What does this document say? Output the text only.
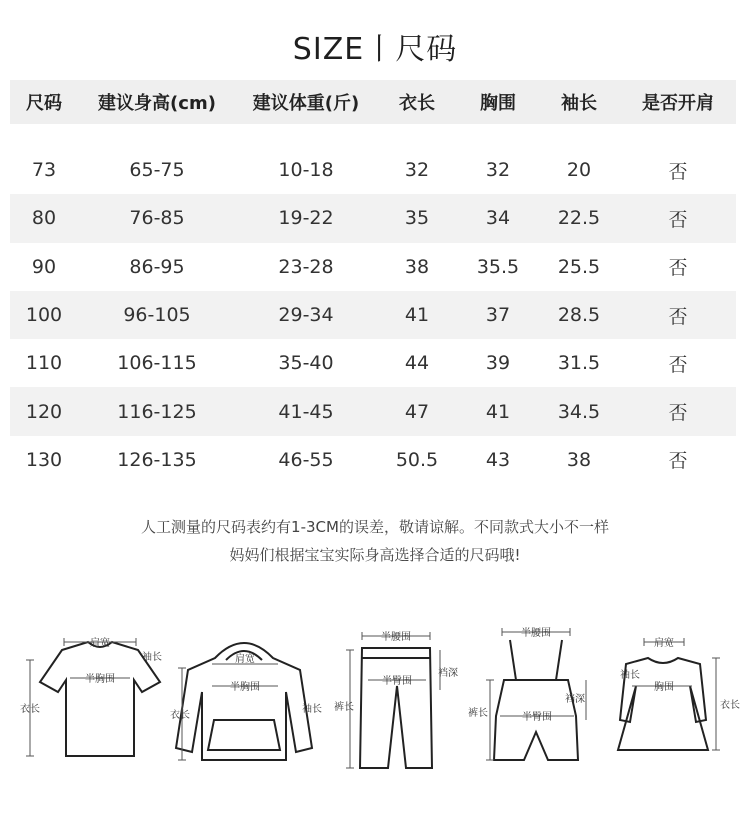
SIZE丨尺码
尺码	建议身高(cm)	建议体重(斤)	衣长	胸围	袖长	是否开肩
73	65-75	10-18	32	32	20	否
80	76-85	19-22	35	34	22.5	否
90	86-95	23-28	38	35.5	25.5	否
100	96-105	29-34	41	37	28.5	否
110	106-115	35-40	44	39	31.5	否
120	116-125	41-45	47	41	34.5	否
130	126-135	46-55	50.5	43	38	否
人工测量的尺码表约有1-3CM的误差，敬请谅解。不同款式大小不一样
妈妈们根据宝宝实际身高选择合适的尺码哦!
肩宽
袖长
半胸围
衣长
肩宽
半胸围
袖长
衣长
半腰围
半臀围
裆深
裤长
半腰围
半臀围
裆深
裤长
肩宽
袖长
胸围
衣长
